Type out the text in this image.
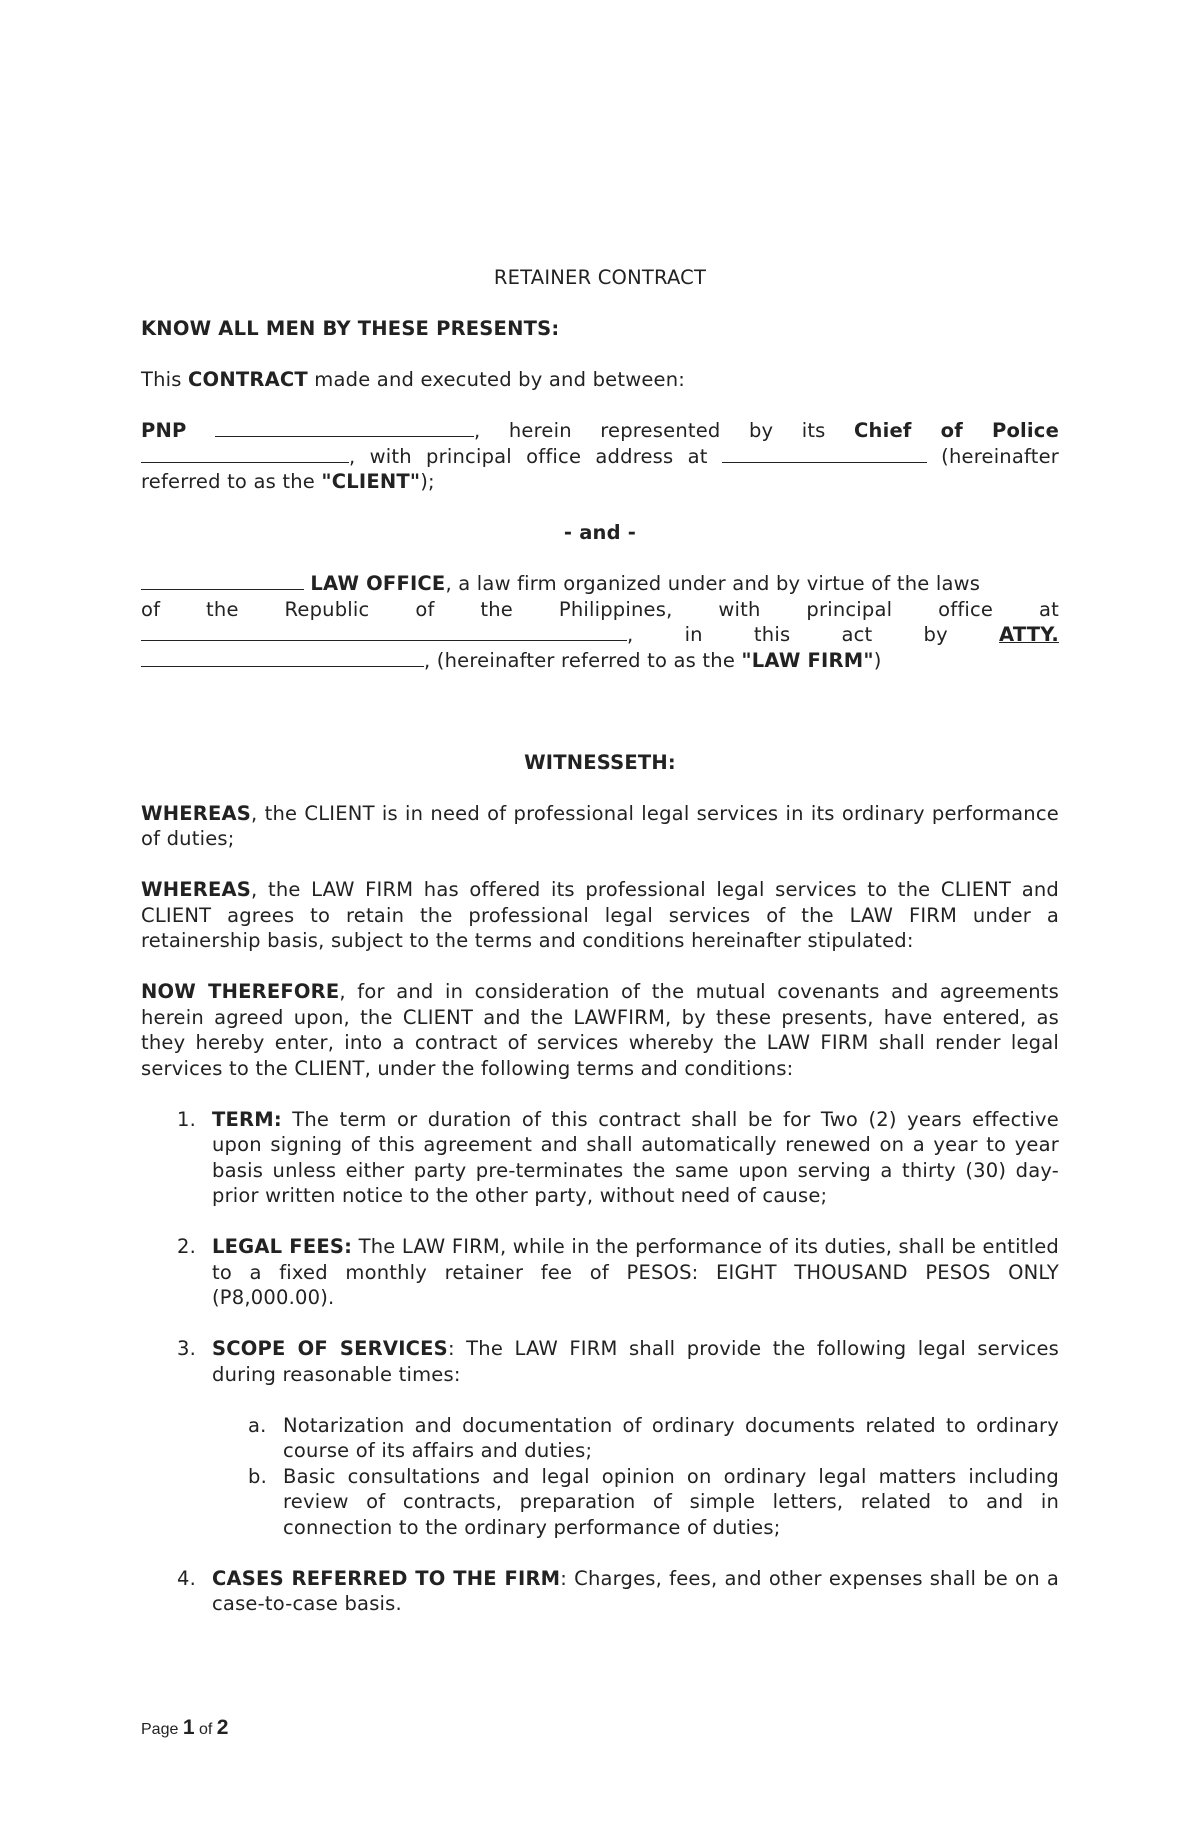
RETAINER CONTRACT

KNOW ALL MEN BY THESE PRESENTS:

This CONTRACT made and executed by and between:

PNP	, herein represented by its Chief of Police

, with principal office address at	(hereinafter

referred to as the "CLIENT");

- and -

LAW OFFICE, a law firm organized under and by virtue of the laws

of the Republic of the Philippines, with principal office at

, in this act by	ATTY.

, (hereinafter referred to as the "LAW FIRM")

WITNESSETH:

WHEREAS, the CLIENT is in need of professional legal services in its ordinary performance of duties;

WHEREAS, the LAW FIRM has offered its professional legal services to the CLIENT and CLIENT agrees to retain the professional legal services of the LAW FIRM under a retainership basis, subject to the terms and conditions hereinafter stipulated:

NOW THEREFORE, for and in consideration of the mutual covenants and agreements herein agreed upon, the CLIENT and the LAWFIRM, by these presents, have entered, as they hereby enter, into a contract of services whereby the LAW FIRM shall render legal services to the CLIENT, under the following terms and conditions:

1. TERM: The term or duration of this contract shall be for Two (2) years effective upon signing of this agreement and shall automatically renewed on a year to year basis unless either party pre-terminates the same upon serving a thirty (30) day-prior written notice to the other party, without need of cause;
2. LEGAL FEES: The LAW FIRM, while in the performance of its duties, shall be entitled to a fixed monthly retainer fee of PESOS: EIGHT THOUSAND PESOS ONLY (P8,000.00).
3. SCOPE OF SERVICES: The LAW FIRM shall provide the following legal services during reasonable times:
a. Notarization and documentation of ordinary documents related to ordinary course of its affairs and duties;
b. Basic consultations and legal opinion on ordinary legal matters including review of contracts, preparation of simple letters, related to and in connection to the ordinary performance of duties;
4. CASES REFERRED TO THE FIRM: Charges, fees, and other expenses shall be on a case-to-case basis.
Page 1 of 2
